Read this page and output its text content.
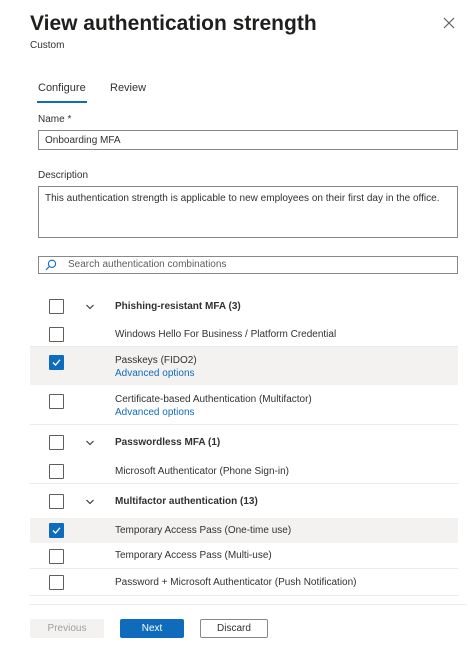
View authentication strength
Custom
Configure Review
Name *
Onboarding MFA
Description
This authentication strength is applicable to new employees on their first day in the office.
Search authentication combinations
Phishing-resistant MFA (3)
Windows Hello For Business / Platform Credential
Passkeys (FIDO2)
Advanced options
Certificate-based Authentication (Multifactor)
Advanced options
Passwordless MFA (1)
Microsoft Authenticator (Phone Sign-in)
Multifactor authentication (13)
Temporary Access Pass (One-time use)
Temporary Access Pass (Multi-use)
Password + Microsoft Authenticator (Push Notification)
Previous	Next	Discard
